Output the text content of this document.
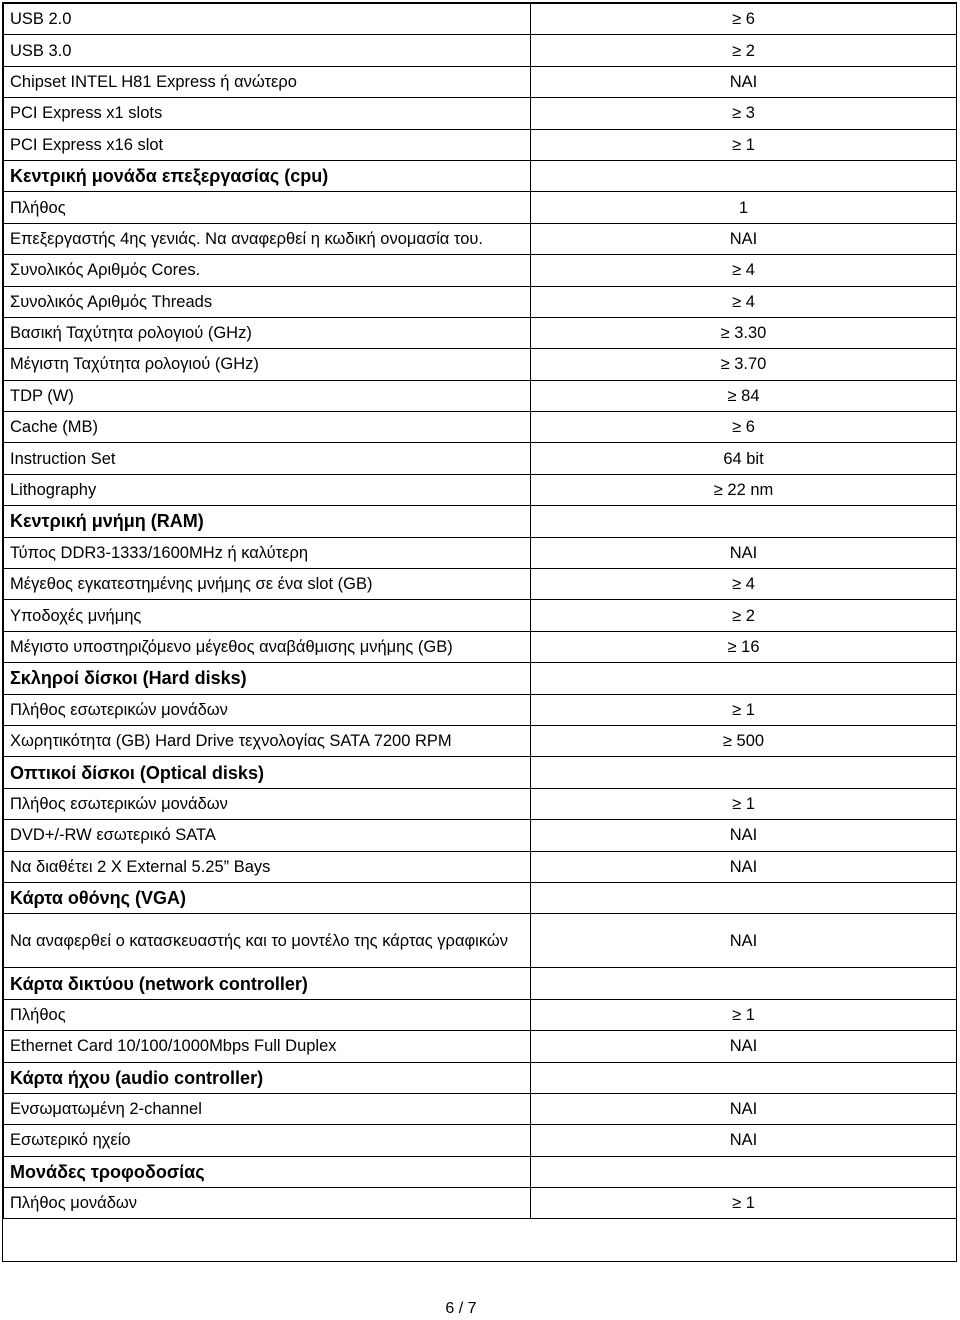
USB 2.0	≥ 6
USB 3.0	≥ 2
Chipset INTEL H81 Express ή ανώτερο	ΝΑΙ
PCI Express x1 slots	≥ 3
PCI Express x16 slot	≥ 1
Κεντρική μονάδα επεξεργασίας (cpu)	
Πλήθος	1
Επεξεργαστής 4ης γενιάς. Να αναφερθεί η κωδική ονομασία του.	ΝΑΙ
Συνολικός Αριθμός Cores.	≥ 4
Συνολικός Αριθμός Threads	≥ 4
Βασική Ταχύτητα ρολογιού (GHz)	≥ 3.30
Μέγιστη Ταχύτητα ρολογιού (GHz)	≥ 3.70
TDP (W)	≥ 84
Cache (MB)	≥ 6
Instruction Set	64 bit
Lithography	≥ 22 nm
Κεντρική μνήμη (RAM)	
Τύπος DDR3-1333/1600MHz ή καλύτερη	ΝΑΙ
Μέγεθος εγκατεστημένης μνήμης σε ένα slot (GB)	≥ 4
Υποδοχές μνήμης	≥ 2
Μέγιστο υποστηριζόμενο μέγεθος αναβάθμισης μνήμης (GB)	≥ 16
Σκληροί δίσκοι (Hard disks)	
Πλήθος εσωτερικών μονάδων	≥ 1
Χωρητικότητα (GB) Hard Drive τεχνολογίας SATA 7200 RPM	≥ 500
Οπτικοί δίσκοι (Optical disks)	
Πλήθος εσωτερικών μονάδων	≥ 1
DVD+/-RW εσωτερικό SATA	ΝΑΙ
Να διαθέτει 2 X External 5.25” Bays	ΝΑΙ
Κάρτα οθόνης (VGA)	
Να αναφερθεί ο κατασκευαστής και το μοντέλο της κάρτας γραφικών	ΝΑΙ
Κάρτα δικτύου (network controller)	
Πλήθος	≥ 1
Ethernet Card 10/100/1000Mbps Full Duplex	ΝΑΙ
Κάρτα ήχου (audio controller)	
Ενσωματωμένη 2-channel	ΝΑΙ
Εσωτερικό ηχείο	ΝΑΙ
Μονάδες τροφοδοσίας	
Πλήθος μονάδων	≥ 1
6 / 7
